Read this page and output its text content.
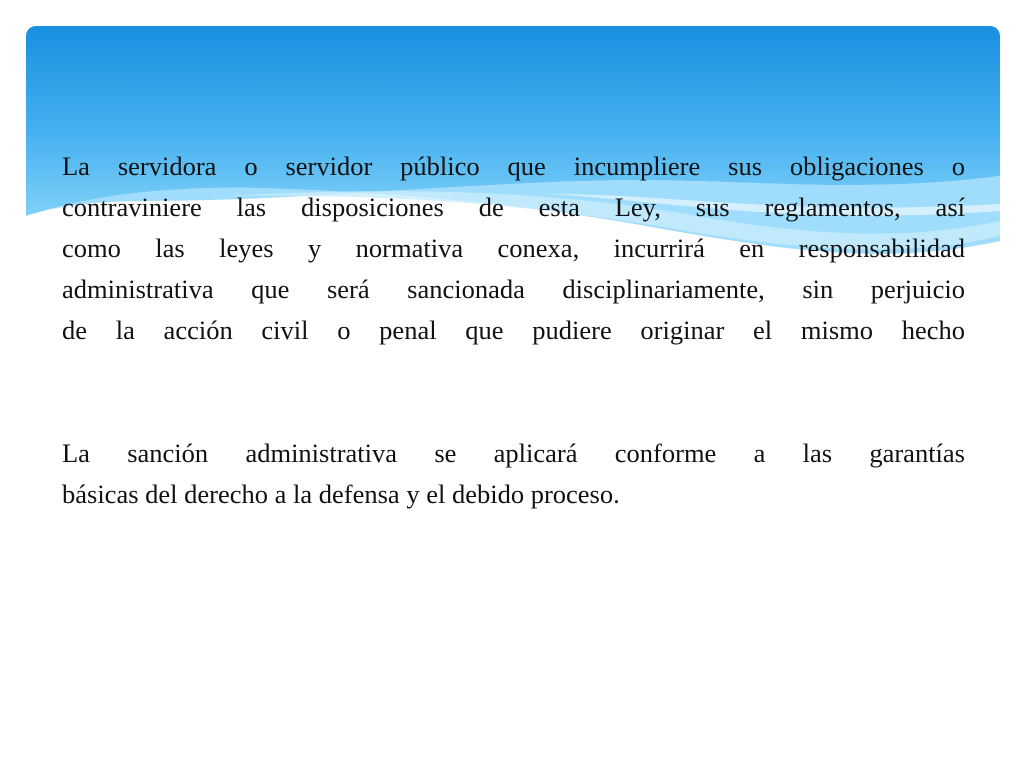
La servidora o servidor público que incumpliere sus obligaciones o
contraviniere las disposiciones de esta Ley, sus reglamentos, así
como las leyes y normativa conexa, incurrirá en responsabilidad
administrativa que será sancionada disciplinariamente, sin perjuicio
de la acción civil o penal que pudiere originar el mismo hecho

La sanción administrativa se aplicará conforme a las garantías
básicas del derecho a la defensa y el debido proceso.
